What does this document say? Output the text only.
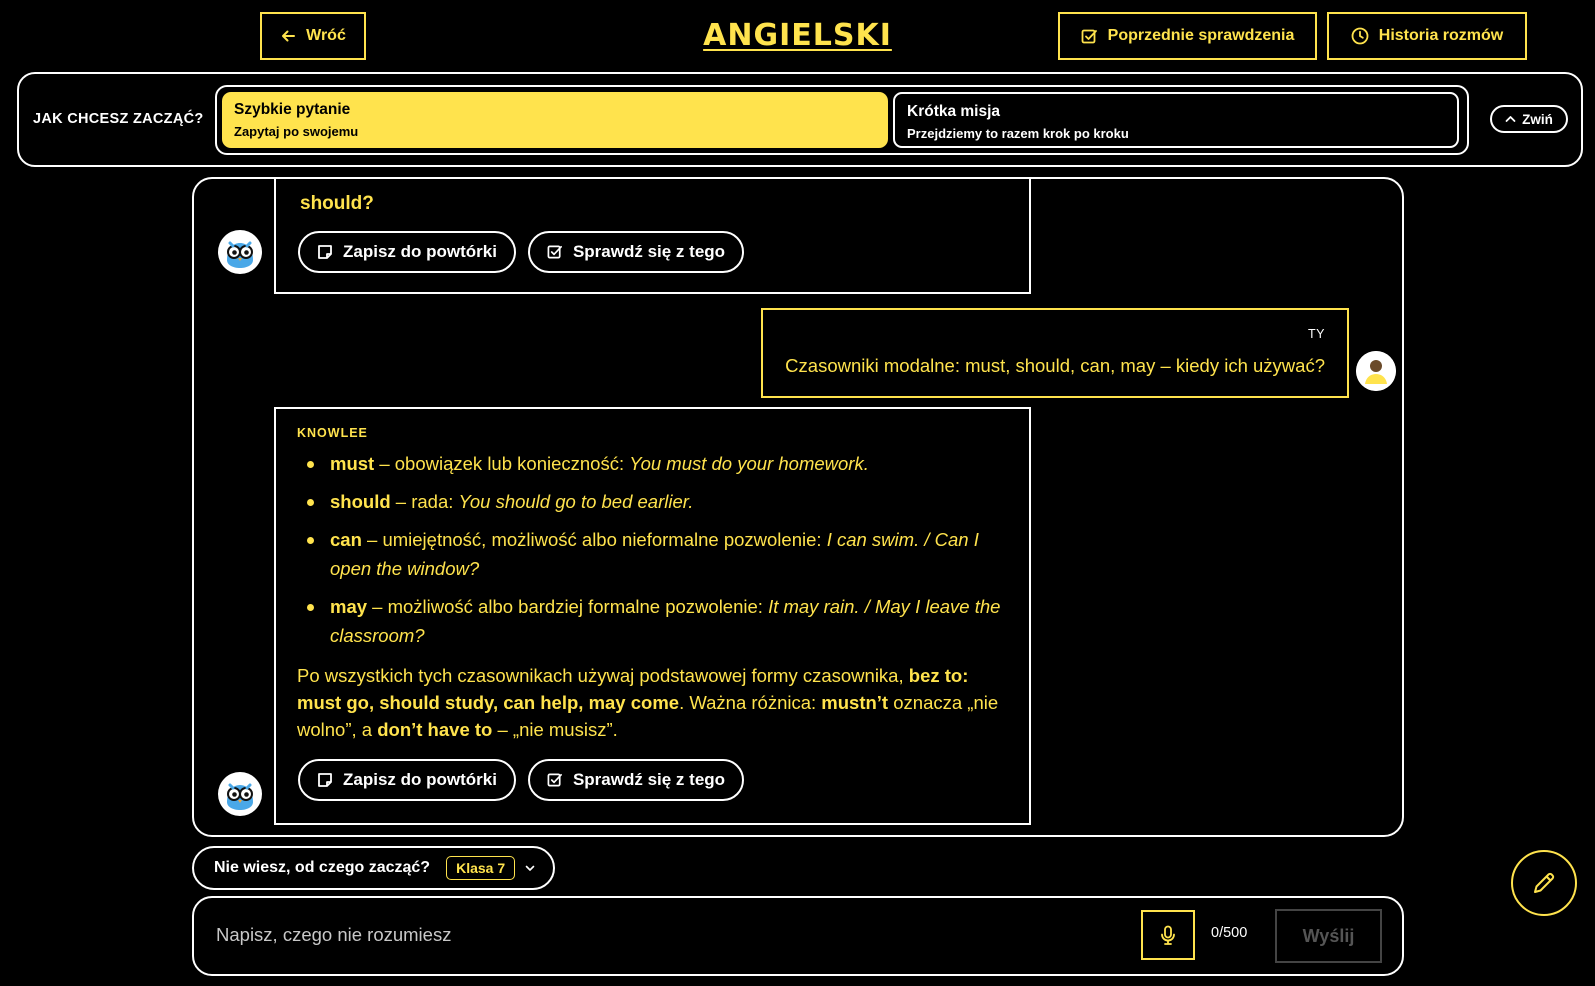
Wróć	ANGIELSKI	Poprzednie sprawdzenia	Historia rozmów
JAK CHCESZ ZACZĄĆ?
Szybkie pytanie
Zapytaj po swojemu
Krótka misja
Przejdziemy to razem krok po kroku
Zwiń
should?
Zapisz do powtórki	Sprawdź się z tego
TY
Czasowniki modalne: must, should, can, may – kiedy ich używać?
KNOWLEE
must – obowiązek lub konieczność: You must do your homework.
should – rada: You should go to bed earlier.
can – umiejętność, możliwość albo nieformalne pozwolenie: I can swim. / Can I open the window?
may – możliwość albo bardziej formalne pozwolenie: It may rain. / May I leave the classroom?
Po wszystkich tych czasownikach używaj podstawowej formy czasownika, bez to: must go, should study, can help, may come. Ważna różnica: mustn’t oznacza „nie wolno”, a don’t have to – „nie musisz”.
Zapisz do powtórki	Sprawdź się z tego
Nie wiesz, od czego zacząć?	Klasa 7
Napisz, czego nie rozumiesz
0/500	Wyślij
